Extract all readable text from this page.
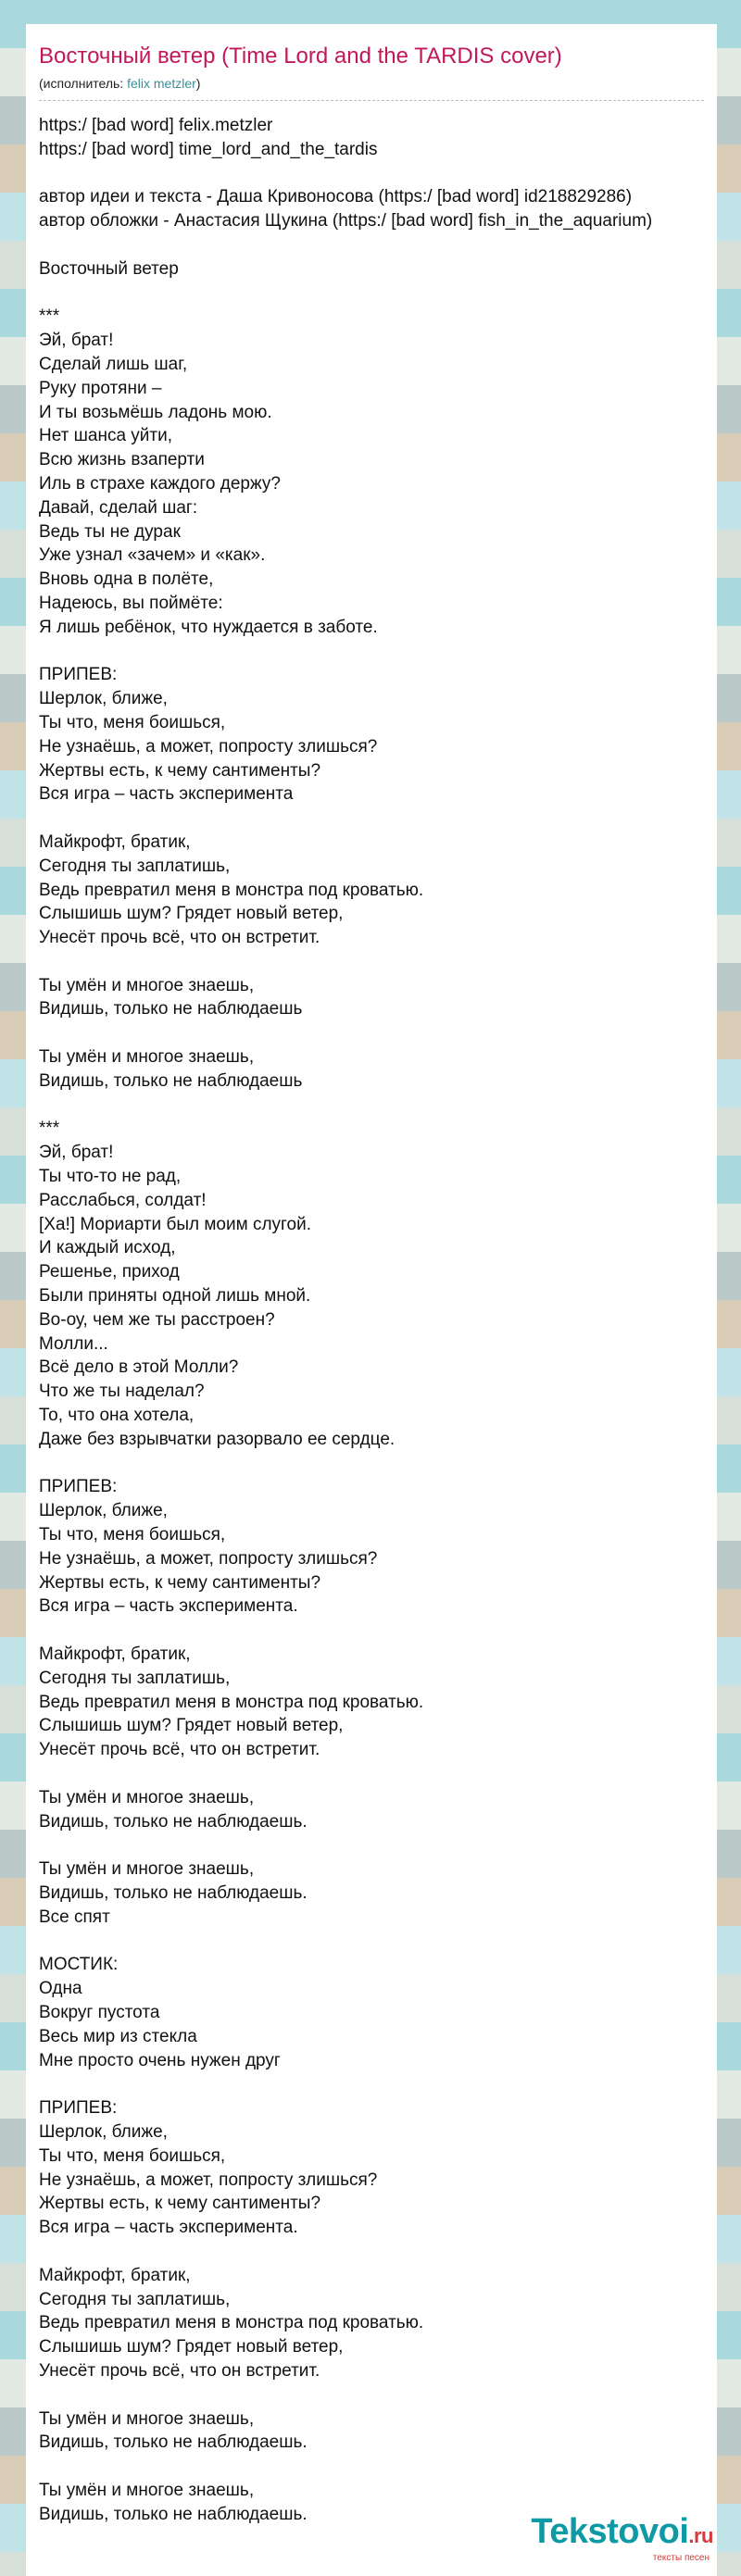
Восточный ветер (Time Lord and the TARDIS cover)
(исполнитель: felix metzler)
https:/ [bad word] felix.metzler
https:/ [bad word] time_lord_and_the_tardis
автор идеи и текста - Даша Кривоносова (https:/ [bad word] id218829286)
автор обложки - Анастасия Щукина (https:/ [bad word] fish_in_the_aquarium)
Восточный ветер
***
Эй, брат!
Сделай лишь шаг,
Руку протяни –
И ты возьмёшь ладонь мою.
Нет шанса уйти,
Всю жизнь взаперти
Иль в страхе каждого держу?
Давай, сделай шаг:
Ведь ты не дурак
Уже узнал «зачем» и «как».
Вновь одна в полёте,
Надеюсь, вы поймёте:
Я лишь ребёнок, что нуждается в заботе.
ПРИПЕВ:
Шерлок, ближе,
Ты что, меня боишься,
Не узнаёшь, а может, попросту злишься?
Жертвы есть, к чему сантименты?
Вся игра – часть эксперимента
Майкрофт, братик,
Сегодня ты заплатишь,
Ведь превратил меня в монстра под кроватью.
Слышишь шум? Грядет новый ветер,
Унесёт прочь всё, что он встретит.
Ты умён и многое знаешь,
Видишь, только не наблюдаешь
Ты умён и многое знаешь,
Видишь, только не наблюдаешь
***
Эй, брат!
Ты что-то не рад,
Расслабься, солдат!
[Ха!] Мориарти был моим слугой.
И каждый исход,
Решенье, приход
Были приняты одной лишь мной.
Во-оу, чем же ты расстроен?
Молли...
Всё дело в этой Молли?
Что же ты наделал?
То, что она хотела,
Даже без взрывчатки разорвало ее сердце.
ПРИПЕВ:
Шерлок, ближе,
Ты что, меня боишься,
Не узнаёшь, а может, попросту злишься?
Жертвы есть, к чему сантименты?
Вся игра – часть эксперимента.
Майкрофт, братик,
Сегодня ты заплатишь,
Ведь превратил меня в монстра под кроватью.
Слышишь шум? Грядет новый ветер,
Унесёт прочь всё, что он встретит.
Ты умён и многое знаешь,
Видишь, только не наблюдаешь.
Ты умён и многое знаешь,
Видишь, только не наблюдаешь.
Все спят
МОСТИК:
Одна
Вокруг пустота
Весь мир из стекла
Мне просто очень нужен друг
ПРИПЕВ:
Шерлок, ближе,
Ты что, меня боишься,
Не узнаёшь, а может, попросту злишься?
Жертвы есть, к чему сантименты?
Вся игра – часть эксперимента.
Майкрофт, братик,
Сегодня ты заплатишь,
Ведь превратил меня в монстра под кроватью.
Слышишь шум? Грядет новый ветер,
Унесёт прочь всё, что он встретит.
Ты умён и многое знаешь,
Видишь, только не наблюдаешь.
Ты умён и многое знаешь,
Видишь, только не наблюдаешь.	Tekstovoi.ru
тексты песен
